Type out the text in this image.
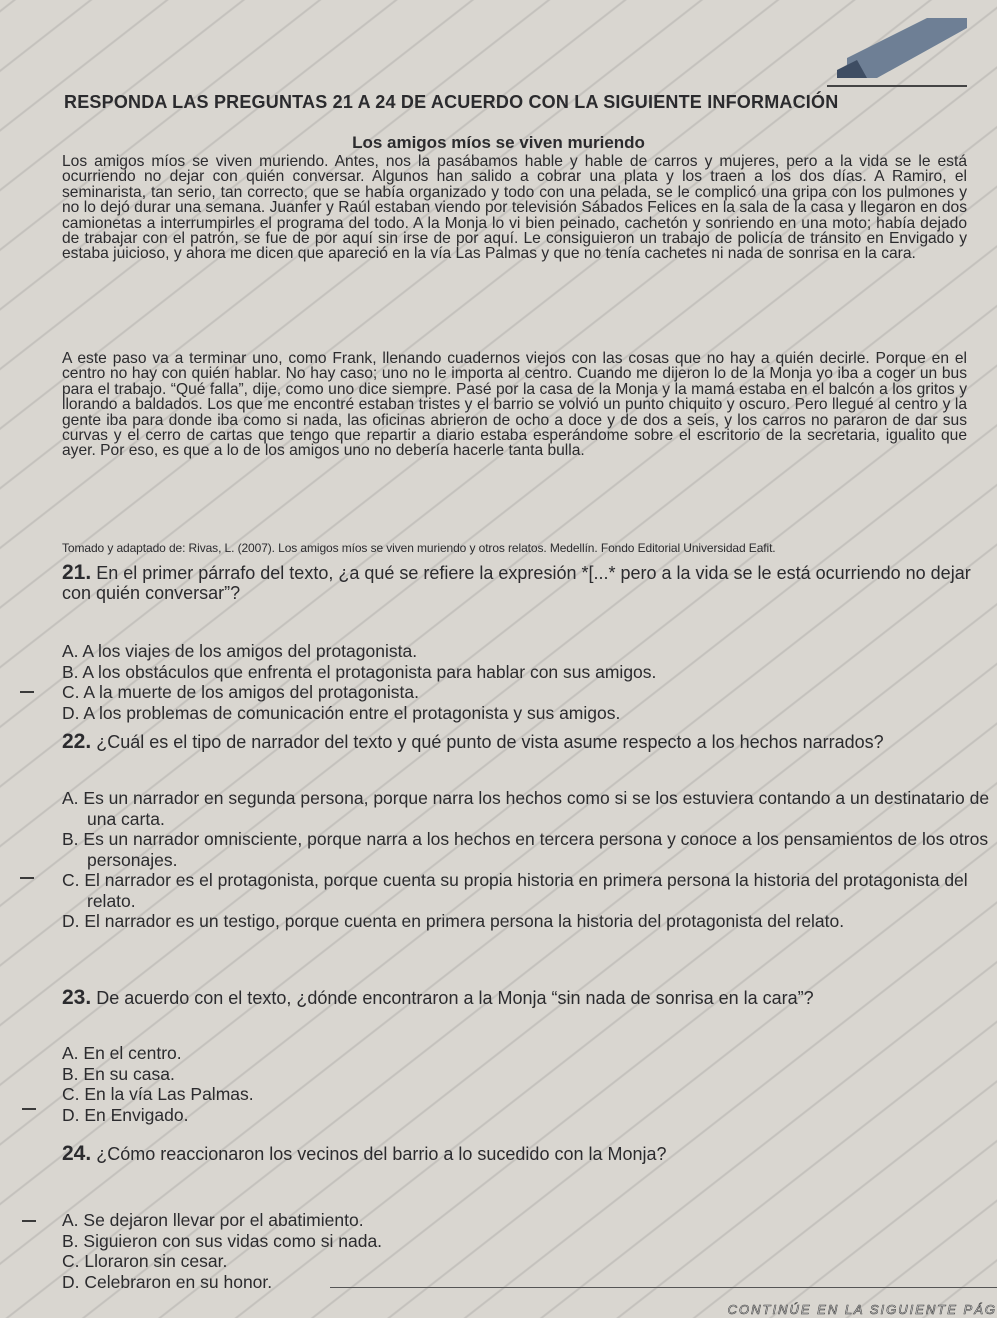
RESPONDA LAS PREGUNTAS 21 A 24 DE ACUERDO CON LA SIGUIENTE INFORMACIÓN
Los amigos míos se viven muriendo

Los amigos míos se viven muriendo. Antes, nos la pasábamos hable y hable de carros y mujeres, pero a la vida se le está ocurriendo no dejar con quién conversar. Algunos han salido a cobrar una plata y los traen a los dos días. A Ramiro, el seminarista, tan serio, tan correcto, que se había organizado y todo con una pelada, se le complicó una gripa con los pulmones y no lo dejó durar una semana. Juanfer y Raúl estaban viendo por televisión Sábados Felices en la sala de la casa y llegaron en dos camionetas a interrumpirles el programa del todo. A la Monja lo vi bien peinado, cachetón y sonriendo en una moto; había dejado de trabajar con el patrón, se fue de por aquí sin irse de por aquí. Le consiguieron un trabajo de policía de tránsito en Envigado y estaba juicioso, y ahora me dicen que apareció en la vía Las Palmas y que no tenía cachetes ni nada de sonrisa en la cara.

A este paso va a terminar uno, como Frank, llenando cuadernos viejos con las cosas que no hay a quién decirle. Porque en el centro no hay con quién hablar. No hay caso; uno no le importa al centro. Cuando me dijeron lo de la Monja yo iba a coger un bus para el trabajo. “Qué falla”, dije, como uno dice siempre. Pasé por la casa de la Monja y la mamá estaba en el balcón a los gritos y llorando a baldados. Los que me encontré estaban tristes y el barrio se volvió un punto chiquito y oscuro. Pero llegué al centro y la gente iba para donde iba como si nada, las oficinas abrieron de ocho a doce y de dos a seis, y los carros no pararon de dar sus curvas y el cerro de cartas que tengo que repartir a diario estaba esperándome sobre el escritorio de la secretaria, igualito que ayer. Por eso, es que a lo de los amigos uno no debería hacerle tanta bulla.

Tomado y adaptado de: Rivas, L. (2007). Los amigos míos se viven muriendo y otros relatos. Medellín. Fondo Editorial Universidad Eafit.

21. En el primer párrafo del texto, ¿a qué se refiere la expresión *[...* pero a la vida se le está ocurriendo no dejar con quién conversar”?

A. A los viajes de los amigos del protagonista.
B. A los obstáculos que enfrenta el protagonista para hablar con sus amigos.
C. A la muerte de los amigos del protagonista.
D. A los problemas de comunicación entre el protagonista y sus amigos.

22. ¿Cuál es el tipo de narrador del texto y qué punto de vista asume respecto a los hechos narrados?

A. Es un narrador en segunda persona, porque narra los hechos como si se los estuviera contando a un destinatario de una carta.
B. Es un narrador omnisciente, porque narra a los hechos en tercera persona y conoce a los pensamientos de los otros personajes.
C. El narrador es el protagonista, porque cuenta su propia historia en primera persona la historia del protagonista del relato.
D. El narrador es un testigo, porque cuenta en primera persona la historia del protagonista del relato.

23. De acuerdo con el texto, ¿dónde encontraron a la Monja “sin nada de sonrisa en la cara”?

A. En el centro.
B. En su casa.
C. En la vía Las Palmas.
D. En Envigado.

24. ¿Cómo reaccionaron los vecinos del barrio a lo sucedido con la Monja?

A. Se dejaron llevar por el abatimiento.
B. Siguieron con sus vidas como si nada.
C. Lloraron sin cesar.
D. Celebraron en su honor.
CONTINÚE EN LA SIGUIENTE PÁG
